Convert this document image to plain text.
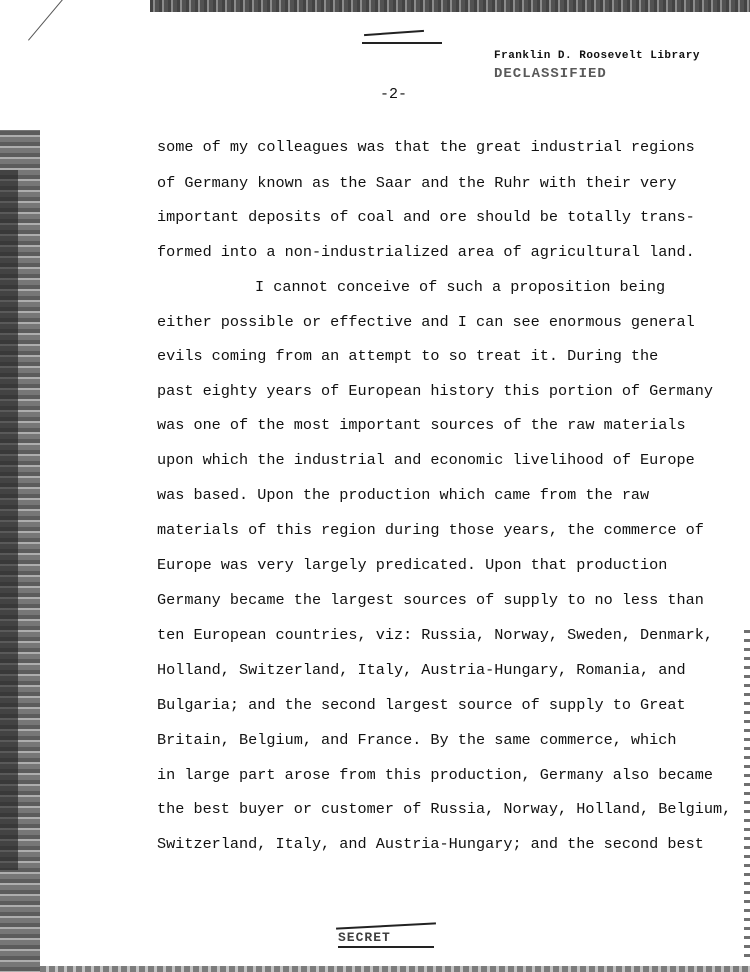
Franklin D. Roosevelt Library
DECLASSIFIED
-2-
some of my colleagues was that the great industrial regions
of Germany known as the Saar and the Ruhr with their very
important deposits of coal and ore should be totally trans-
formed into a non-industrialized area of agricultural land.
I cannot conceive of such a proposition being
either possible or effective and I can see enormous general
evils coming from an attempt to so treat it. During the
past eighty years of European history this portion of Germany
was one of the most important sources of the raw materials
upon which the industrial and economic livelihood of Europe
was based. Upon the production which came from the raw
materials of this region during those years, the commerce of
Europe was very largely predicated. Upon that production
Germany became the largest sources of supply to no less than
ten European countries, viz: Russia, Norway, Sweden, Denmark,
Holland, Switzerland, Italy, Austria-Hungary, Romania, and
Bulgaria; and the second largest source of supply to Great
Britain, Belgium, and France. By the same commerce, which
in large part arose from this production, Germany also became
the best buyer or customer of Russia, Norway, Holland, Belgium,
Switzerland, Italy, and Austria-Hungary; and the second best
SECRET
